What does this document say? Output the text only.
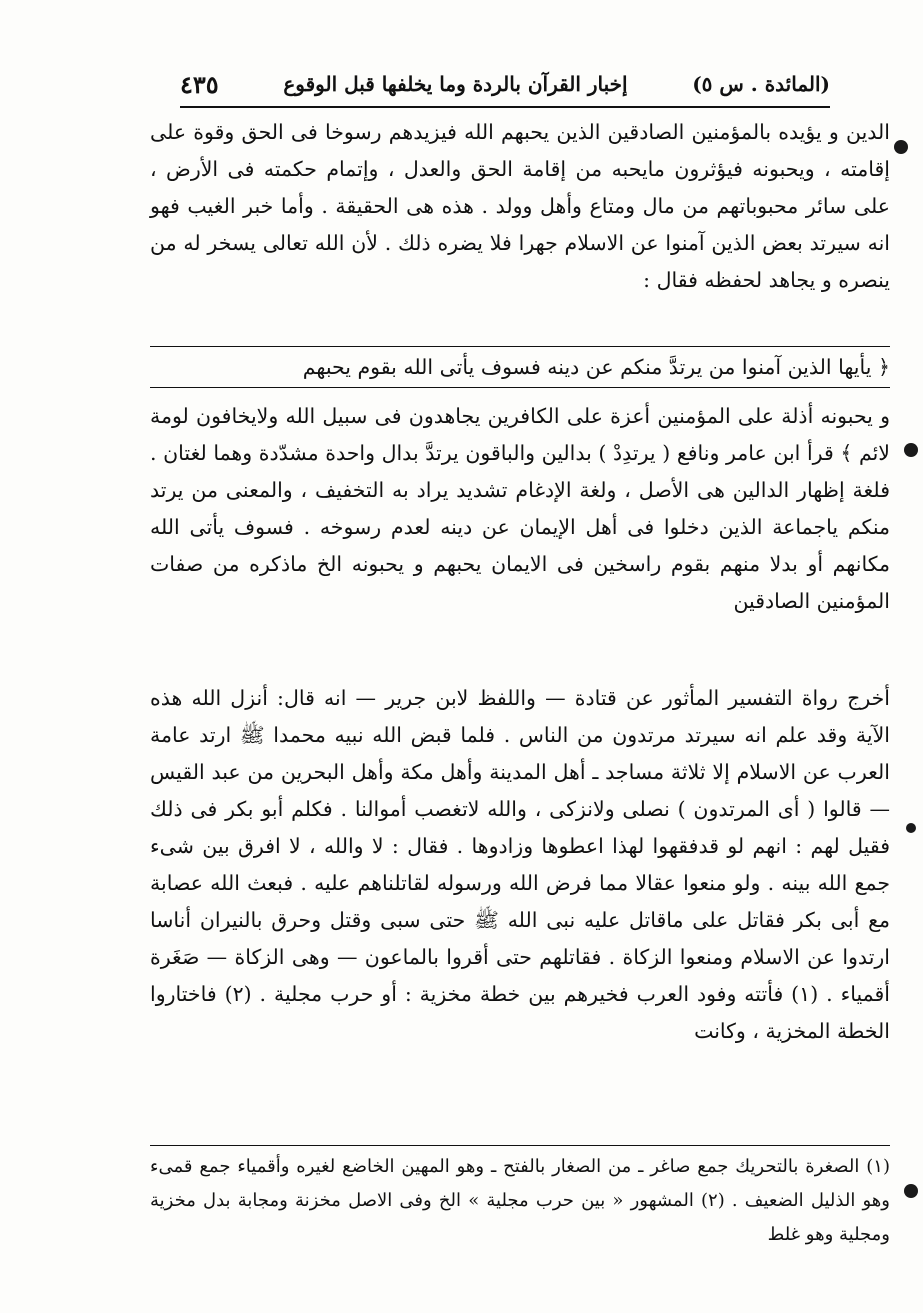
(المائدة . س ٥)
إخبار القرآن بالردة وما يخلفها قبل الوقوع
٤٣٥

الدين و يؤيده بالمؤمنين الصادقين الذين يحبهم الله فيزيدهم رسوخا فى الحق وقوة على إقامته ، ويحبونه فيؤثرون مايحبه من إقامة الحق والعدل ، وإتمام حكمته فى الأرض ، على سائر محبوباتهم من مال ومتاع وأهل وولد . هذه هى الحقيقة . وأما خبر الغيب فهو انه سيرتد بعض الذين آمنوا عن الاسلام جهرا فلا يضره ذلك . لأن الله تعالى يسخر له من ينصره و يجاهد لحفظه فقال :

﴿ يأيها الذين آمنوا من يرتدَّ منكم عن دينه فسوف يأتى الله بقوم يحبهم

و يحبونه أذلة على المؤمنين أعزة على الكافرين يجاهدون فى سبيل الله ولايخافون لومة لائم ﴾ قرأ ابن عامر ونافع ( يرتدِدْ ) بدالين والباقون يرتدَّ بدال واحدة مشدّدة وهما لغتان . فلغة إظهار الدالين هى الأصل ، ولغة الإدغام تشديد يراد به التخفيف ، والمعنى من يرتد منكم ياجماعة الذين دخلوا فى أهل الإيمان عن دينه لعدم رسوخه . فسوف يأتى الله مكانهم أو بدلا منهم بقوم راسخين فى الايمان يحبهم و يحبونه الخ ماذكره من صفات المؤمنين الصادقين

أخرج رواة التفسير المأثور عن قتادة — واللفظ لابن جرير — انه قال: أنزل الله هذه الآية وقد علم انه سيرتد مرتدون من الناس . فلما قبض الله نبيه محمدا ﷺ ارتد عامة العرب عن الاسلام إلا ثلاثة مساجد ـ أهل المدينة وأهل مكة وأهل البحرين من عبد القيس — قالوا ( أى المرتدون ) نصلى ولانزكى ، والله لاتغصب أموالنا . فكلم أبو بكر فى ذلك فقيل لهم : انهم لو قدفقهوا لهذا اعطوها وزادوها . فقال : لا والله ، لا افرق بين شىء جمع الله بينه . ولو منعوا عقالا مما فرض الله ورسوله لقاتلناهم عليه . فبعث الله عصابة مع أبى بكر فقاتل على ماقاتل عليه نبى الله ﷺ حتى سبى وقتل وحرق بالنيران أناسا ارتدوا عن الاسلام ومنعوا الزكاة . فقاتلهم حتى أقروا بالماعون — وهى الزكاة — صَغَرة أقمياء . (١) فأتته وفود العرب فخيرهم بين خطة مخزية : أو حرب مجلية . (٢) فاختاروا الخطة المخزية ، وكانت

(١) الصغرة بالتحريك جمع صاغر ـ من الصغار بالفتح ـ وهو المهين الخاضع لغيره وأقمياء جمع قمىء وهو الذليل الضعيف . (٢) المشهور « بين حرب مجلية » الخ وفى الاصل مخزنة ومجابة بدل مخزية ومجلية وهو غلط
